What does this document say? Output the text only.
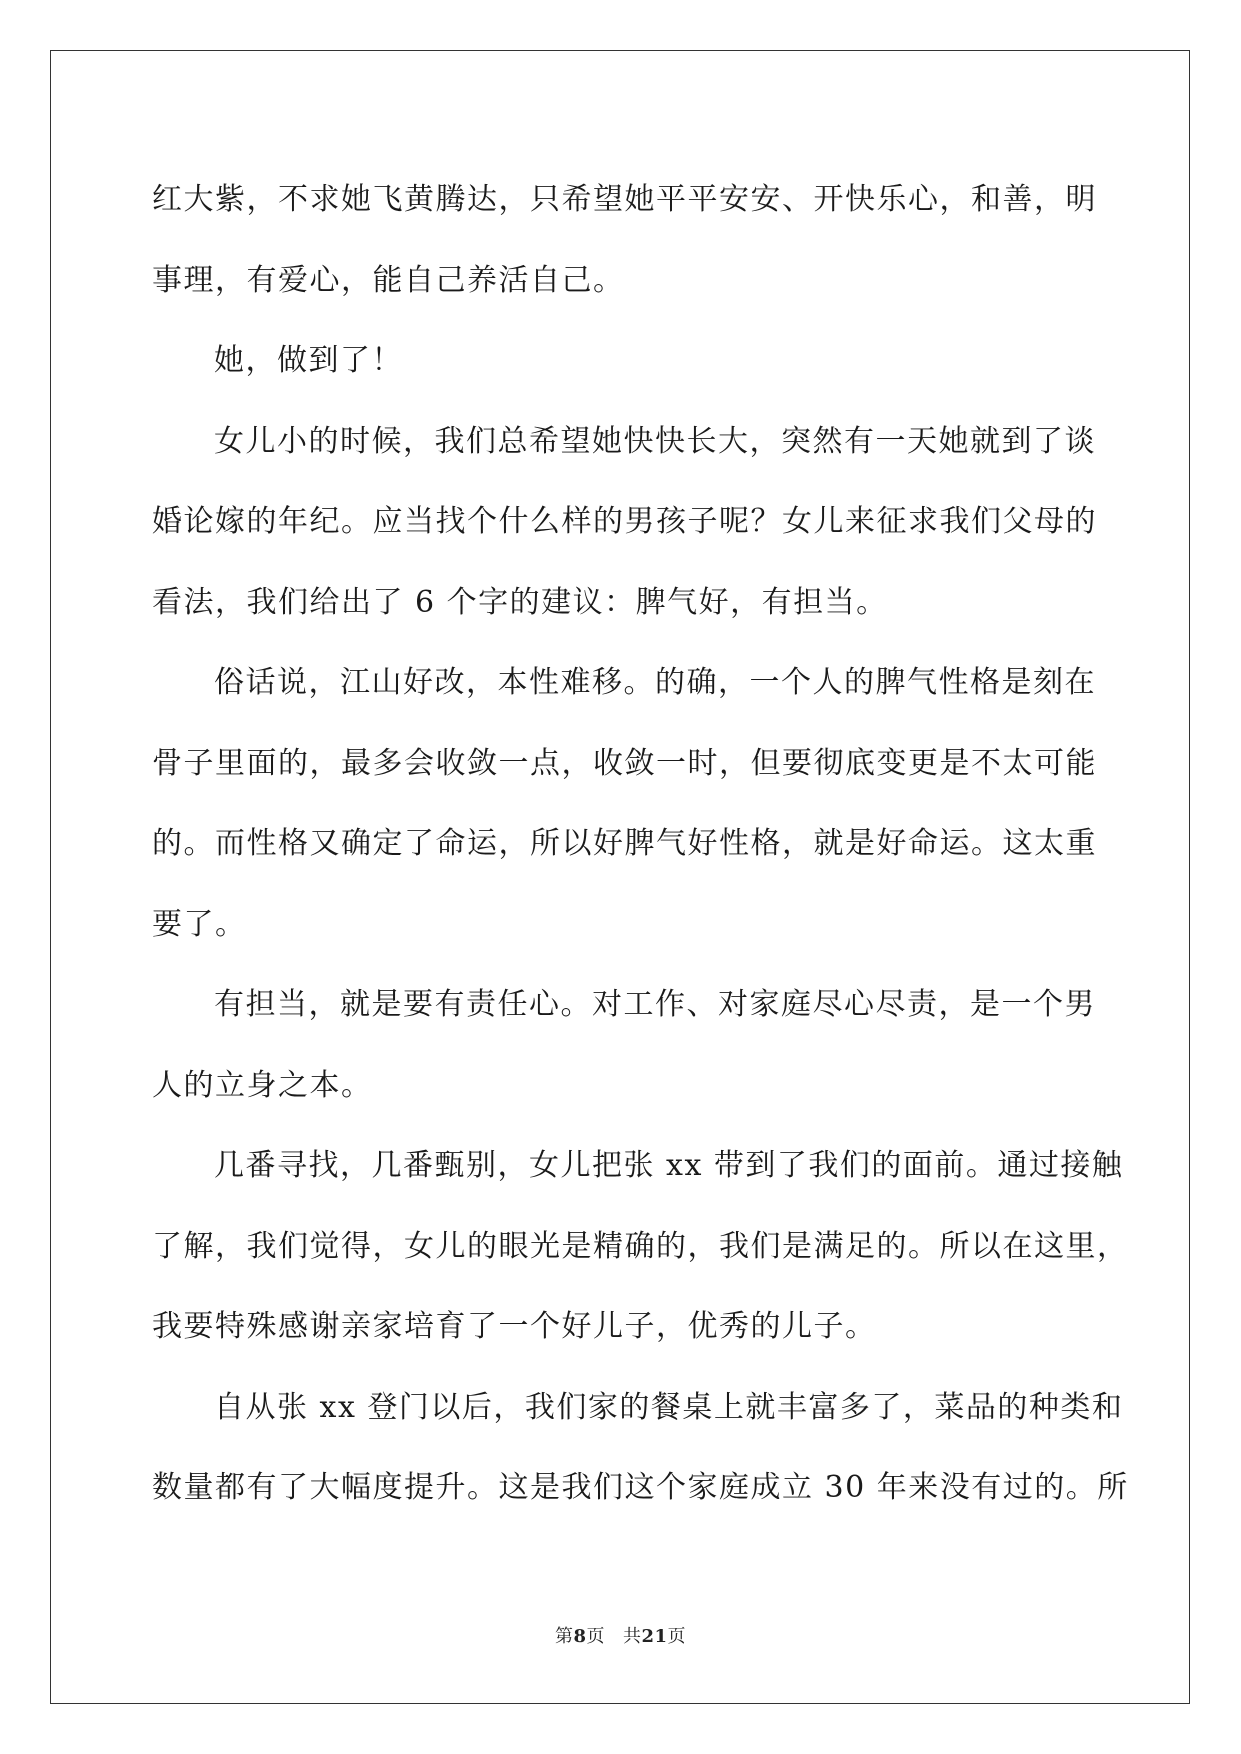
红大紫，不求她飞黄腾达，只希望她平平安安、开快乐心，和善，明
事理，有爱心，能自己养活自己。
她，做到了！
女儿小的时候，我们总希望她快快长大，突然有一天她就到了谈
婚论嫁的年纪。应当找个什么样的男孩子呢？女儿来征求我们父母的
看法，我们给出了 6 个字的建议：脾气好，有担当。
俗话说，江山好改，本性难移。的确，一个人的脾气性格是刻在
骨子里面的，最多会收敛一点，收敛一时，但要彻底变更是不太可能
的。而性格又确定了命运，所以好脾气好性格，就是好命运。这太重
要了。
有担当，就是要有责任心。对工作、对家庭尽心尽责，是一个男
人的立身之本。
几番寻找，几番甄别，女儿把张 xx 带到了我们的面前。通过接触
了解，我们觉得，女儿的眼光是精确的，我们是满足的。所以在这里，
我要特殊感谢亲家培育了一个好儿子，优秀的儿子。
自从张 xx 登门以后，我们家的餐桌上就丰富多了，菜品的种类和
数量都有了大幅度提升。这是我们这个家庭成立 30 年来没有过的。所
第8页 共21页
